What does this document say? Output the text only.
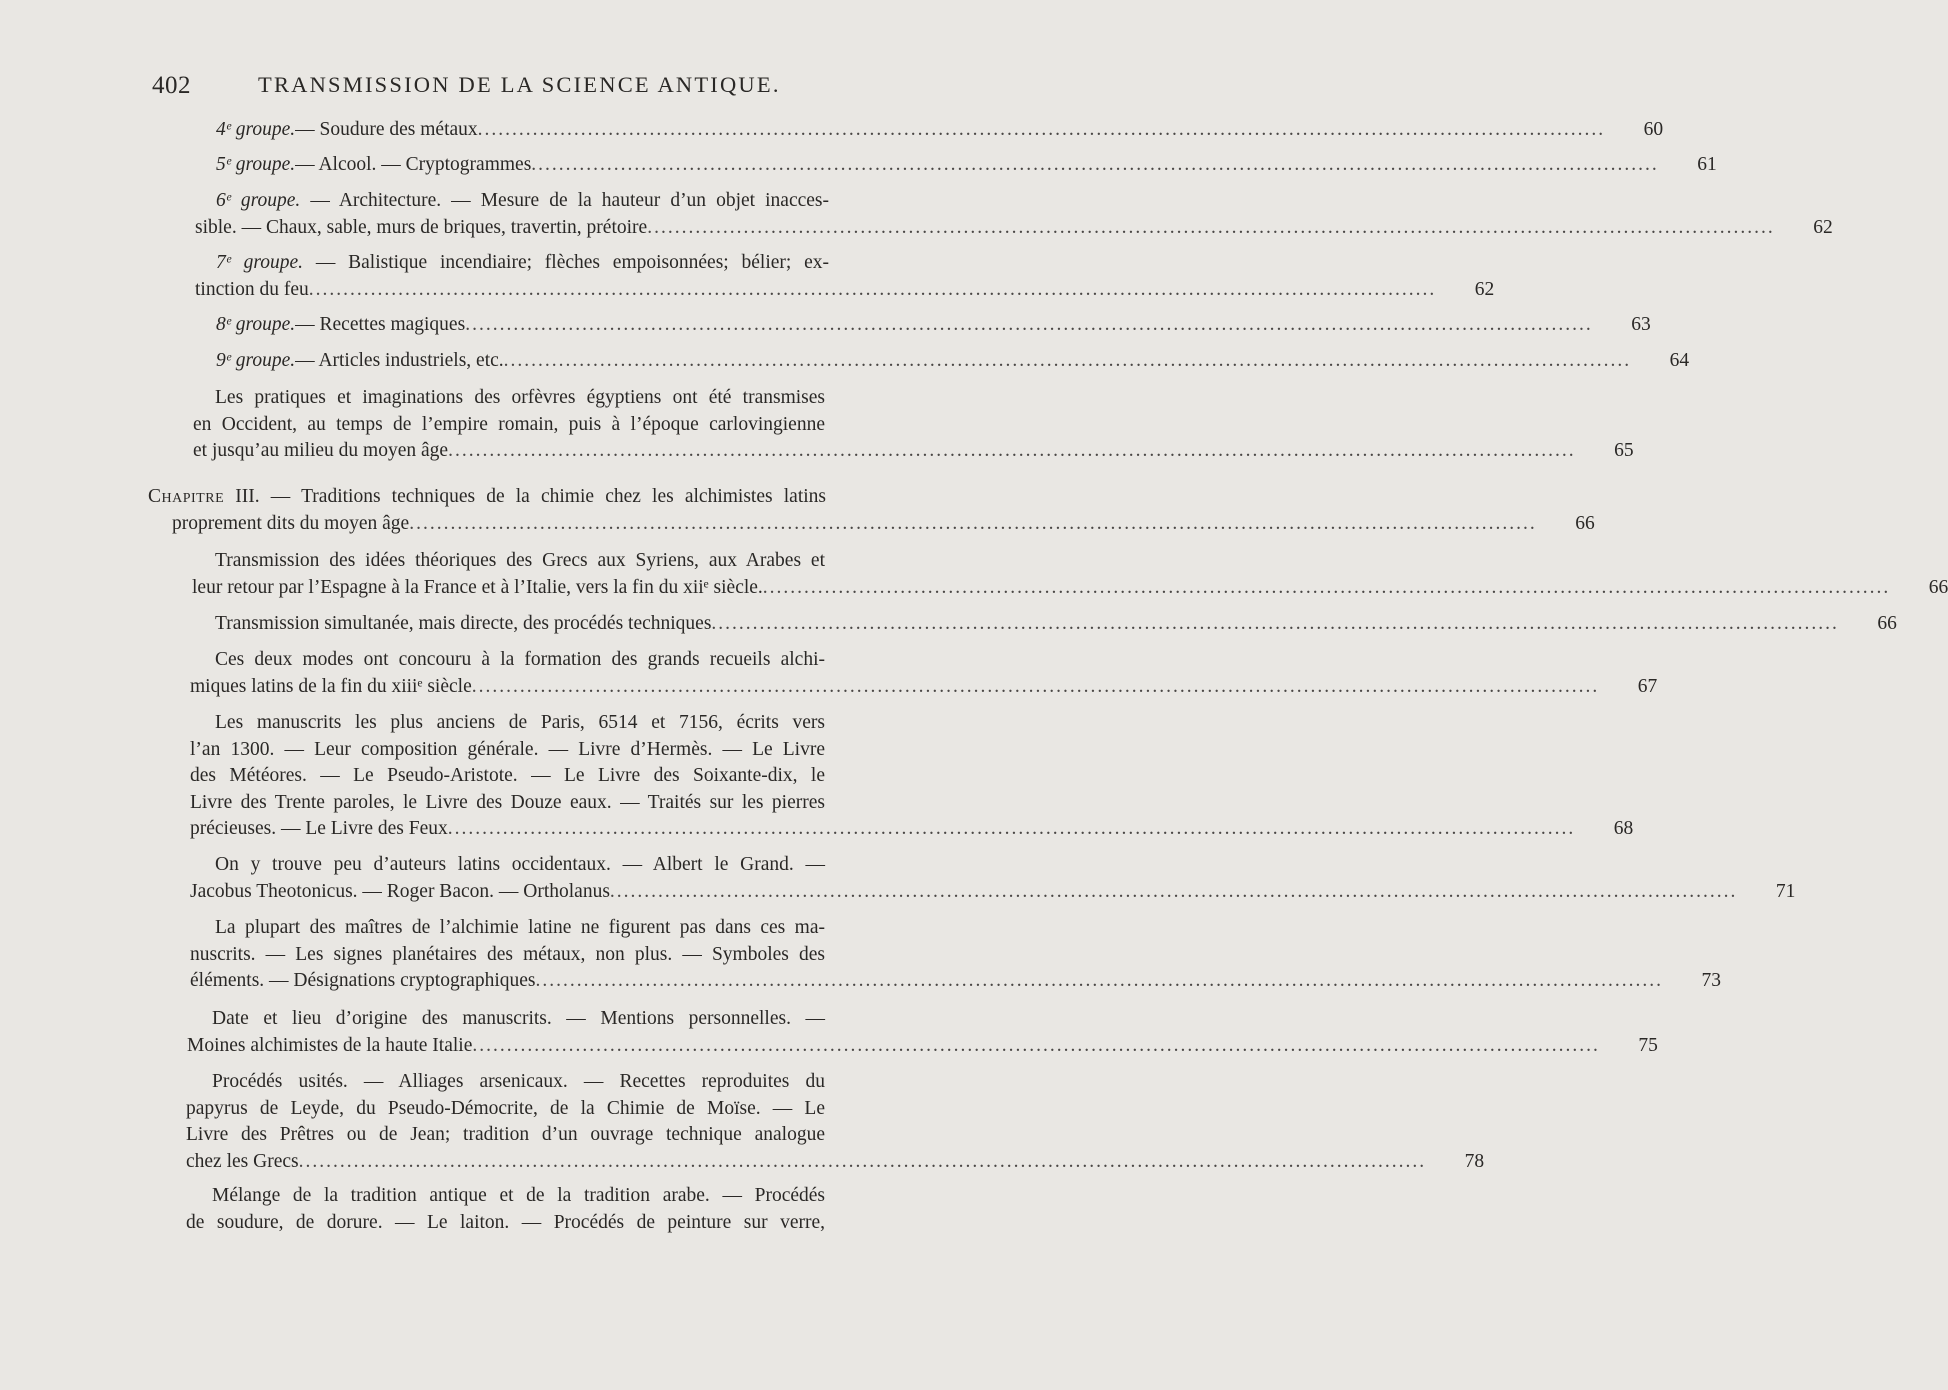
402	TRANSMISSION DE LA SCIENCE ANTIQUE.
4ᵉ groupe. — Soudure des métaux ....................................................................................................................................................................	60
5ᵉ groupe. — Alcool. — Cryptogrammes ....................................................................................................................................................................	61
6ᵉ groupe. — Architecture. — Mesure de la hauteur d’un objet inacces-
sible. — Chaux, sable, murs de briques, travertin, prétoire ....................................................................................................................................................................	62
7ᵉ groupe. — Balistique incendiaire; flèches empoisonnées; bélier; ex-
tinction du feu ....................................................................................................................................................................	62
8ᵉ groupe. — Recettes magiques ....................................................................................................................................................................	63
9ᵉ groupe. — Articles industriels, etc. ....................................................................................................................................................................	64
Les pratiques et imaginations des orfèvres égyptiens ont été transmises
en Occident, au temps de l’empire romain, puis à l’époque carlovingienne
et jusqu’au milieu du moyen âge ....................................................................................................................................................................	65
Chapitre III. — Traditions techniques de la chimie chez les alchimistes latins
proprement dits du moyen âge ....................................................................................................................................................................	66
Transmission des idées théoriques des Grecs aux Syriens, aux Arabes et
leur retour par l’Espagne à la France et à l’Italie, vers la fin du xiiᵉ siècle. ....................................................................................................................................................................	66
Transmission simultanée, mais directe, des procédés techniques ....................................................................................................................................................................	66
Ces deux modes ont concouru à la formation des grands recueils alchi-
miques latins de la fin du xiiiᵉ siècle ....................................................................................................................................................................	67
Les manuscrits les plus anciens de Paris, 6514 et 7156, écrits vers
l’an 1300. — Leur composition générale. — Livre d’Hermès. — Le Livre
des Météores. — Le Pseudo-Aristote. — Le Livre des Soixante-dix, le
Livre des Trente paroles, le Livre des Douze eaux. — Traités sur les pierres
précieuses. — Le Livre des Feux ....................................................................................................................................................................	68
On y trouve peu d’auteurs latins occidentaux. — Albert le Grand. —
Jacobus Theotonicus. — Roger Bacon. — Ortholanus ....................................................................................................................................................................	71
La plupart des maîtres de l’alchimie latine ne figurent pas dans ces ma-
nuscrits. — Les signes planétaires des métaux, non plus. — Symboles des
éléments. — Désignations cryptographiques ....................................................................................................................................................................	73
Date et lieu d’origine des manuscrits. — Mentions personnelles. —
Moines alchimistes de la haute Italie ....................................................................................................................................................................	75
Procédés usités. — Alliages arsenicaux. — Recettes reproduites du
papyrus de Leyde, du Pseudo-Démocrite, de la Chimie de Moïse. — Le
Livre des Prêtres ou de Jean; tradition d’un ouvrage technique analogue
chez les Grecs ....................................................................................................................................................................	78
Mélange de la tradition antique et de la tradition arabe. — Procédés
de soudure, de dorure. — Le laiton. — Procédés de peinture sur verre,
